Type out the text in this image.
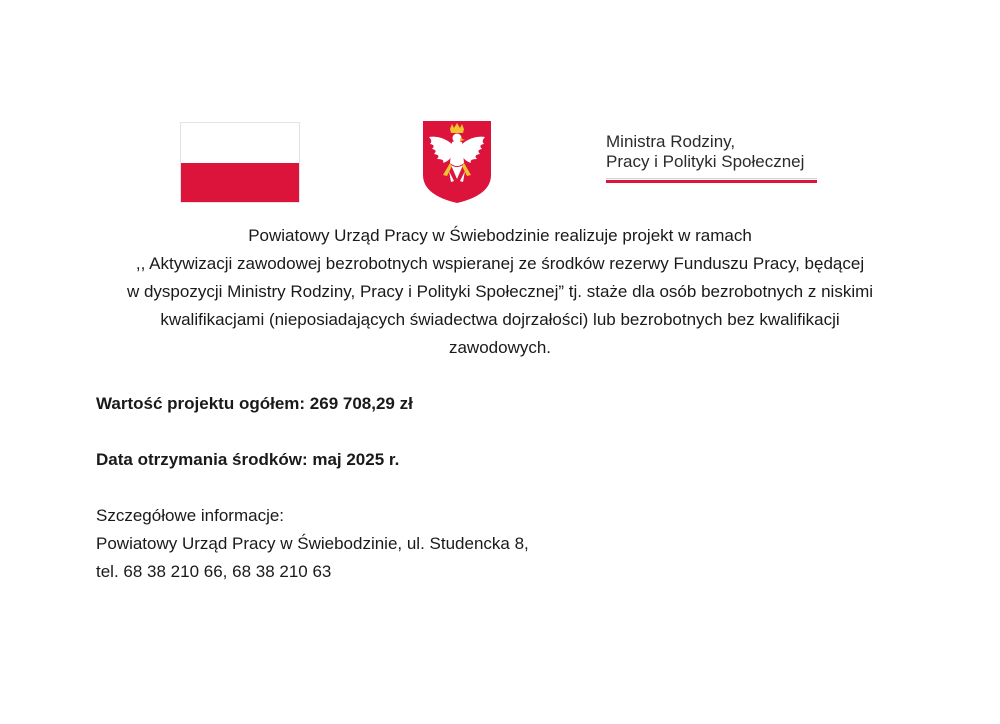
Ministra Rodziny,
Pracy i Polityki Społecznej

Powiatowy Urząd Pracy w Świebodzinie realizuje projekt w ramach

,, Aktywizacji zawodowej bezrobotnych wspieranej ze środków rezerwy Funduszu Pracy, będącej

w dyspozycji Ministry Rodziny, Pracy i Polityki Społecznej” tj. staże dla osób bezrobotnych z niskimi

kwalifikacjami (nieposiadających świadectwa dojrzałości) lub bezrobotnych bez kwalifikacji

zawodowych.

Wartość projektu ogółem: 269 708,29 zł

Data otrzymania środków: maj 2025 r.

Szczegółowe informacje:

Powiatowy Urząd Pracy w Świebodzinie, ul. Studencka 8,

tel. 68 38 210 66, 68 38 210 63
